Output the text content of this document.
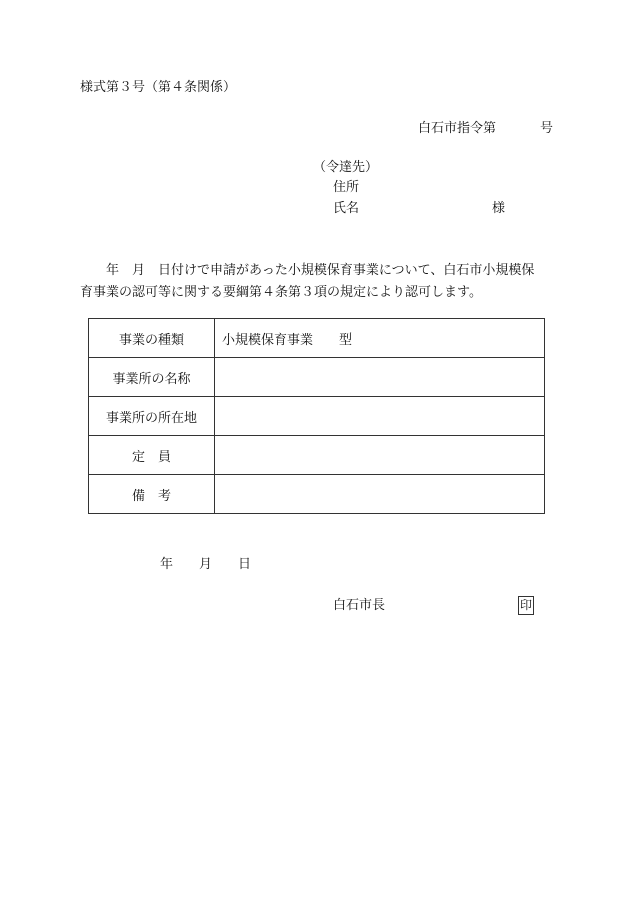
様式第３号（第４条関係）
白石市指令第	号
（令達先）
住所
氏名	様
　　年　月　日付けで申請があった小規模保育事業について、白石市小規模保
育事業の認可等に関する要綱第４条第３項の規定により認可します。
事業の種類	小規模保育事業　　型
事業所の名称	
事業所の所在地	
定　員	
備　考	
年　　月　　日
白石市長	印
